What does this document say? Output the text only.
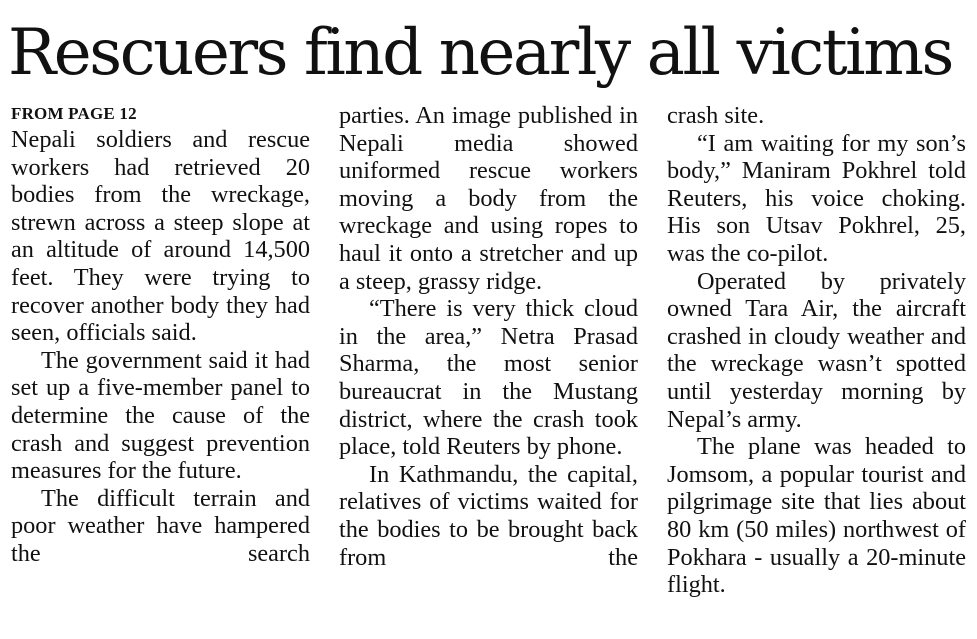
Rescuers find nearly all victims
FROM PAGE 12

Nepali soldiers and rescue workers had retrieved 20 bodies from the wreckage, strewn across a steep slope at an altitude of around 14,500 feet. They were trying to recover another body they had seen, officials said.

The government said it had set up a five-member panel to determine the cause of the crash and suggest prevention measures for the future.

The difficult terrain and poor weather have hampered the search

parties. An image published in Nepali media showed uniformed rescue workers moving a body from the wreckage and using ropes to haul it onto a stretcher and up a steep, grassy ridge.

“There is very thick cloud in the area,” Netra Prasad Sharma, the most senior bureaucrat in the Mustang district, where the crash took place, told Reuters by phone.

In Kathmandu, the capital, relatives of victims waited for the bodies to be brought back from the

crash site.

“I am waiting for my son’s body,” Maniram Pokhrel told Reuters, his voice choking. His son Utsav Pokhrel, 25, was the co-pilot.

Operated by privately owned Tara Air, the aircraft crashed in cloudy weather and the wreckage wasn’t spotted until yesterday morning by Nepal’s army.

The plane was headed to Jomsom, a popular tourist and pilgrimage site that lies about 80 km (50 miles) northwest of Pokhara - usually a 20-minute flight.
